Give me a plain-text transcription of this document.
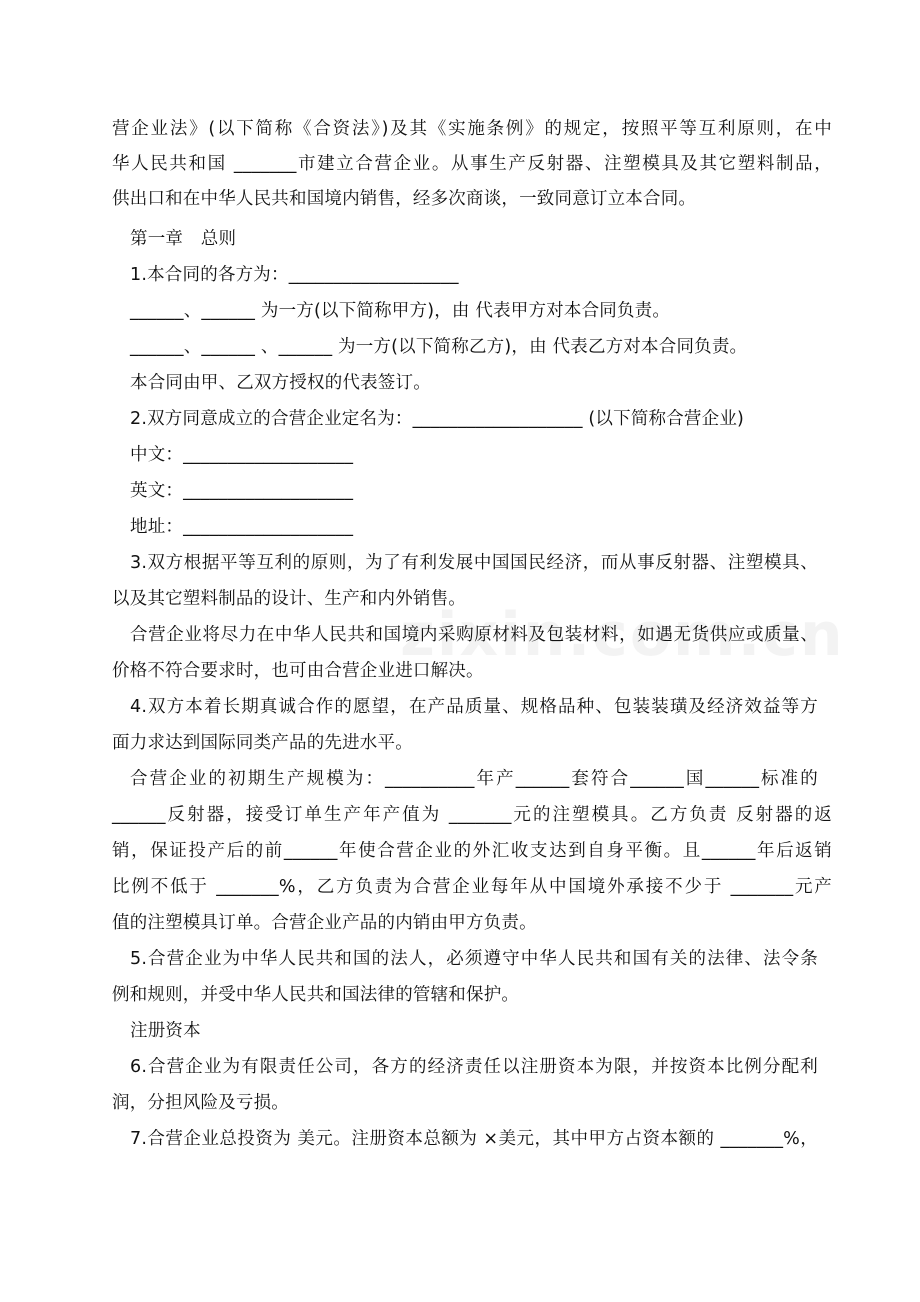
营企业法》(以下简称《合资法》)及其《实施条例》的规定，按照平等互利原则，在中

华人民共和国 _______市建立合营企业。从事生产反射器、注塑模具及其它塑料制品，

供出口和在中华人民共和国境内销售，经多次商谈，一致同意订立本合同。

第一章　总则

1.本合同的各方为：___________________

______、______ 为一方(以下简称甲方)，由 代表甲方对本合同负责。

______、______ 、______ 为一方(以下简称乙方)，由 代表乙方对本合同负责。

本合同由甲、乙双方授权的代表签订。

2.双方同意成立的合营企业定名为：___________________ (以下简称合营企业)

中文：___________________

英文：___________________

地址：___________________

3.双方根据平等互利的原则，为了有利发展中国国民经济，而从事反射器、注塑模具、

以及其它塑料制品的设计、生产和内外销售。

合营企业将尽力在中华人民共和国境内采购原材料及包装材料，如遇无货供应或质量、

价格不符合要求时，也可由合营企业进口解决。

4.双方本着长期真诚合作的愿望，在产品质量、规格品种、包装装璜及经济效益等方

面力求达到国际同类产品的先进水平。

合营企业的初期生产规模为：__________年产______套符合______国______标准的

______反射器，接受订单生产年产值为 _______元的注塑模具。乙方负责 反射器的返

销，保证投产后的前______年使合营企业的外汇收支达到自身平衡。且______年后返销

比例不低于 _______%，乙方负责为合营企业每年从中国境外承接不少于 _______元产

值的注塑模具订单。合营企业产品的内销由甲方负责。

5.合营企业为中华人民共和国的法人，必须遵守中华人民共和国有关的法律、法令条

例和规则，并受中华人民共和国法律的管辖和保护。

注册资本

6.合营企业为有限责任公司，各方的经济责任以注册资本为限，并按资本比例分配利

润，分担风险及亏损。

7.合营企业总投资为 美元。注册资本总额为 ×美元，其中甲方占资本额的 _______%，
